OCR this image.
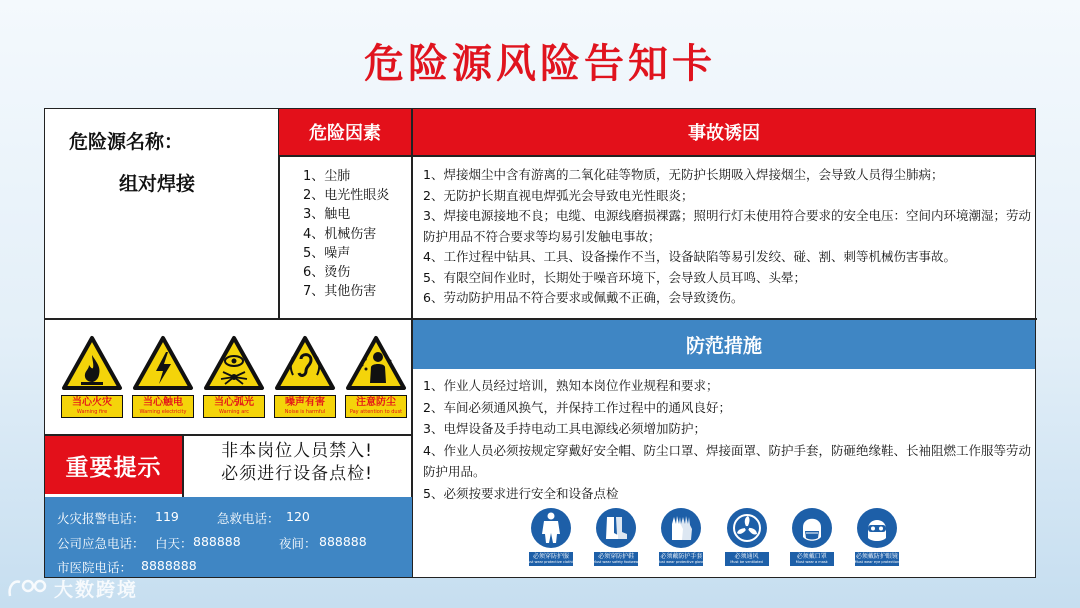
危险源风险告知卡
危险源名称：
组对焊接
危险因素	事故诱因
1、尘肺
2、电光性眼炎
3、触电
4、机械伤害
5、噪声
6、烫伤
7、其他伤害
1、焊接烟尘中含有游离的二氧化硅等物质，无防护长期吸入焊接烟尘，会导致人员得尘肺病；
2、无防护长期直视电焊弧光会导致电光性眼炎；
3、焊接电源接地不良；电缆、电源线磨损裸露；照明行灯未使用符合要求的安全电压：空间内环境潮湿；劳动防护用品不符合要求等均易引发触电事故；
4、工作过程中钻具、工具、设备操作不当，设备缺陷等易引发绞、碰、割、刺等机械伤害事故。
5、有限空间作业时，长期处于噪音环境下，会导致人员耳鸣、头晕；
6、劳动防护用品不符合要求或佩戴不正确，会导致烫伤。
防范措施
1、作业人员经过培训，熟知本岗位作业规程和要求；
2、车间必须通风换气，并保持工作过程中的通风良好；
3、电焊设备及手持电动工具电源线必须增加防护；
4、作业人员必须按规定穿戴好安全帽、防尘口罩、焊接面罩、防护手套，防砸绝缘鞋、长袖阻燃工作服等劳动防护用品。
5、必须按要求进行安全和设备点检
当心火灾
Warning fire
当心触电
Warning electricity
当心弧光
Warning arc
噪声有害
Noise is harmful
注意防尘
Pay attention to dust
重要提示
非本岗位人员禁入!
必须进行设备点检!
火灾报警电话： 119	急救电话： 120
公司应急电话： 白天： 888888	夜间： 888888
市医院电话： 8888888
必须穿防护服
Must wear protective clothing
必须穿防护鞋
Must wear safety footwear
必须戴防护手套
Must wear protective gloves
必须通风
Must be ventilated
必须戴口罩
Must wear a mask
必须戴防护眼镜
Must wear eye protection
大数跨境
